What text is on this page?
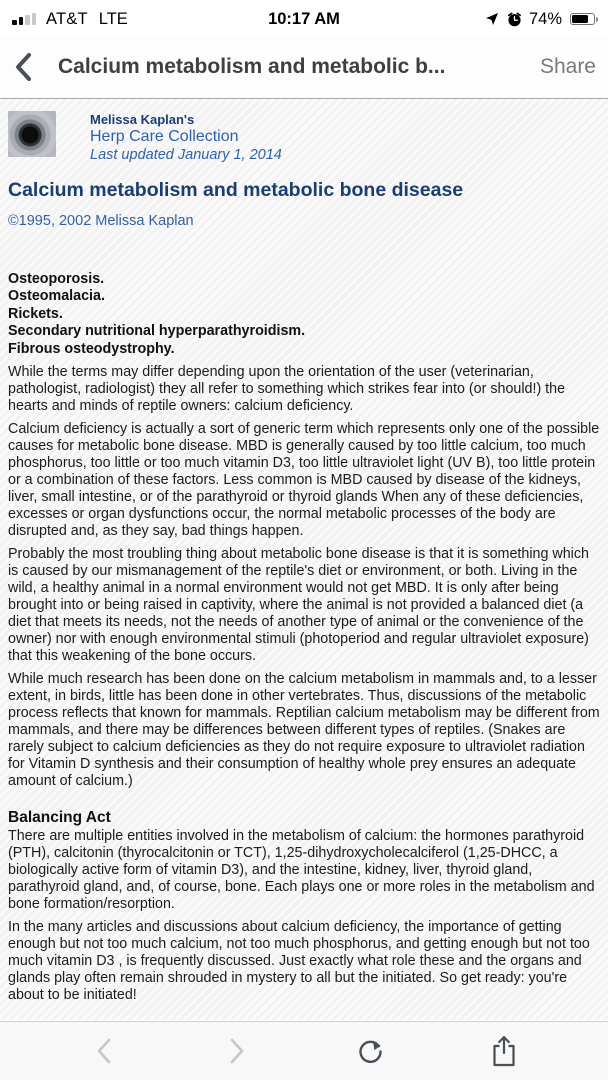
AT&T LTE	10:17 AM	74%
Calcium metabolism and metabolic b...	Share
Melissa Kaplan's
Herp Care Collection
Last updated January 1, 2014
Calcium metabolism and metabolic bone disease
©1995, 2002 Melissa Kaplan
Osteoporosis.
Osteomalacia.
Rickets.
Secondary nutritional hyperparathyroidism.
Fibrous osteodystrophy.

While the terms may differ depending upon the orientation of the user (veterinarian, pathologist, radiologist) they all refer to something which strikes fear into (or should!) the hearts and minds of reptile owners: calcium deficiency.

Calcium deficiency is actually a sort of generic term which represents only one of the possible causes for metabolic bone disease. MBD is generally caused by too little calcium, too much phosphorus, too little or too much vitamin D3, too little ultraviolet light (UV B), too little protein or a combination of these factors. Less common is MBD caused by disease of the kidneys, liver, small intestine, or of the parathyroid or thyroid glands When any of these deficiencies, excesses or organ dysfunctions occur, the normal metabolic processes of the body are disrupted and, as they say, bad things happen.

Probably the most troubling thing about metabolic bone disease is that it is something which is caused by our mismanagement of the reptile's diet or environment, or both. Living in the wild, a healthy animal in a normal environment would not get MBD. It is only after being brought into or being raised in captivity, where the animal is not provided a balanced diet (a diet that meets its needs, not the needs of another type of animal or the convenience of the owner) nor with enough environmental stimuli (photoperiod and regular ultraviolet exposure) that this weakening of the bone occurs.

While much research has been done on the calcium metabolism in mammals and, to a lesser extent, in birds, little has been done in other vertebrates. Thus, discussions of the metabolic process reflects that known for mammals. Reptilian calcium metabolism may be different from mammals, and there may be differences between different types of reptiles. (Snakes are rarely subject to calcium deficiencies as they do not require exposure to ultraviolet radiation for Vitamin D synthesis and their consumption of healthy whole prey ensures an adequate amount of calcium.)

Balancing Act

There are multiple entities involved in the metabolism of calcium: the hormones parathyroid (PTH), calcitonin (thyrocalcitonin or TCT), 1,25-dihydroxycholecalciferol (1,25-DHCC, a biologically active form of vitamin D3), and the intestine, kidney, liver, thyroid gland, parathyroid gland, and, of course, bone. Each plays one or more roles in the metabolism and bone formation/resorption.

In the many articles and discussions about calcium deficiency, the importance of getting enough but not too much calcium, not too much phosphorus, and getting enough but not too much vitamin D3 , is frequently discussed. Just exactly what role these and the organs and glands play often remain shrouded in mystery to all but the initiated. So get ready: you're about to be initiated!
